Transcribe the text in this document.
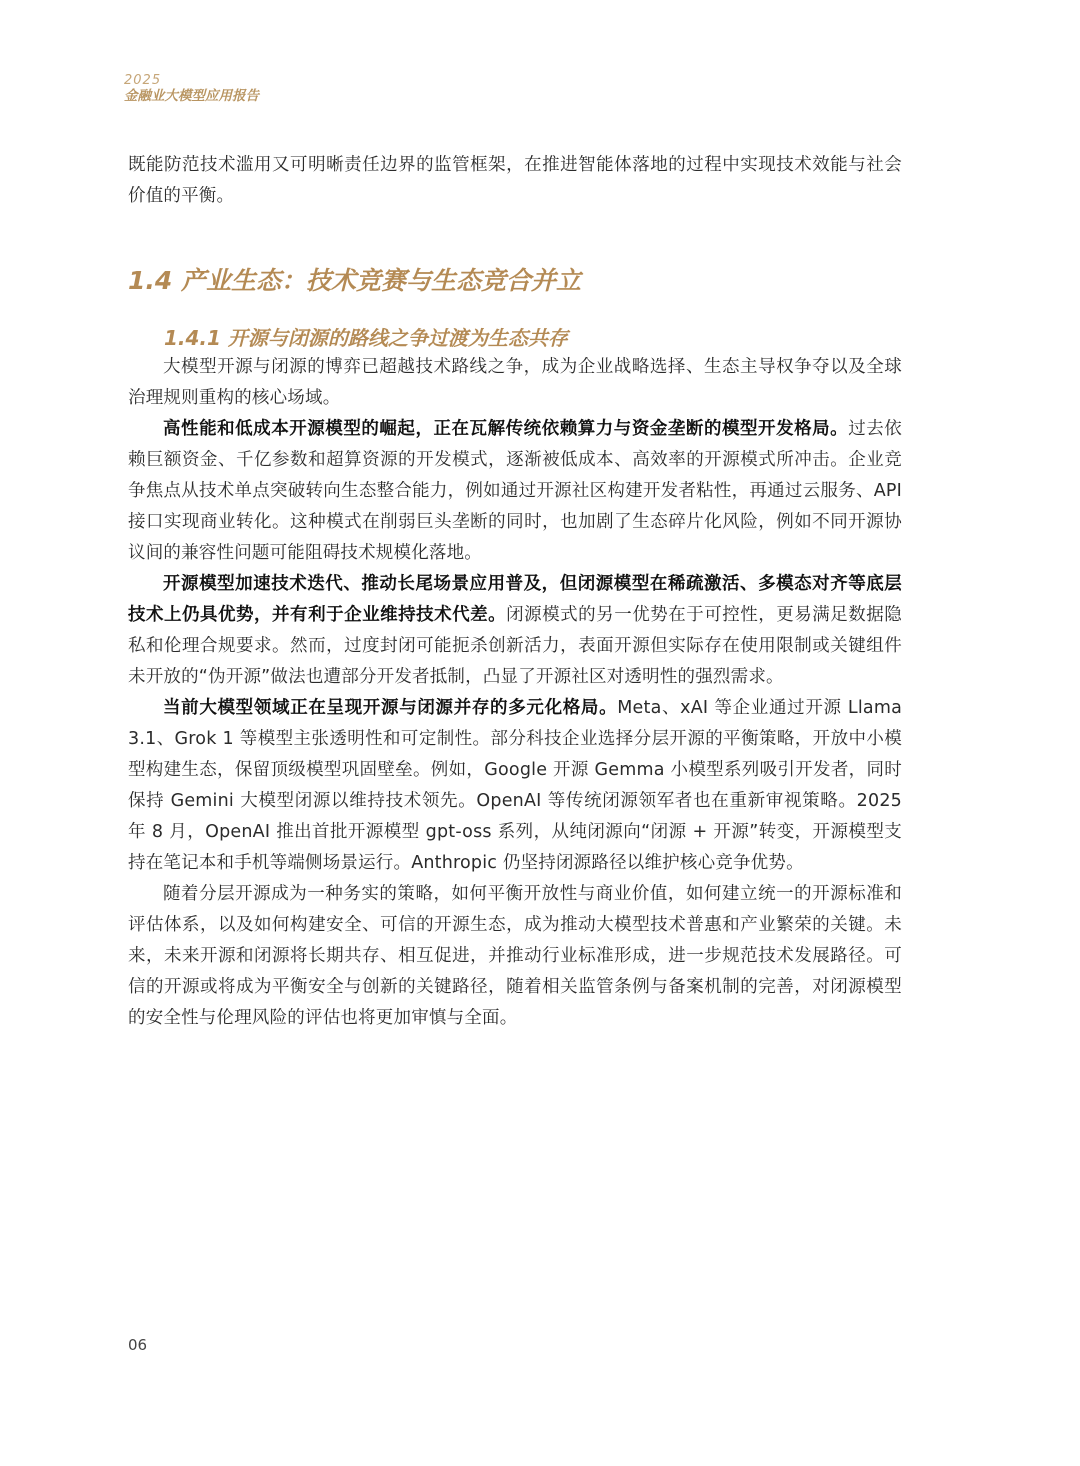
2025
金融业大模型应用报告

既能防范技术滥用又可明晰责任边界的监管框架，在推进智能体落地的过程中实现技术效能与社会价值的平衡。

1.4 产业生态：技术竞赛与生态竞合并立
1.4.1 开源与闭源的路线之争过渡为生态共存

大模型开源与闭源的博弈已超越技术路线之争，成为企业战略选择、生态主导权争夺以及全球治理规则重构的核心场域。

高性能和低成本开源模型的崛起，正在瓦解传统依赖算力与资金垄断的模型开发格局。过去依赖巨额资金、千亿参数和超算资源的开发模式，逐渐被低成本、高效率的开源模式所冲击。企业竞争焦点从技术单点突破转向生态整合能力，例如通过开源社区构建开发者粘性，再通过云服务、API 接口实现商业转化。这种模式在削弱巨头垄断的同时，也加剧了生态碎片化风险，例如不同开源协议间的兼容性问题可能阻碍技术规模化落地。

开源模型加速技术迭代、推动长尾场景应用普及，但闭源模型在稀疏激活、多模态对齐等底层技术上仍具优势，并有利于企业维持技术代差。闭源模式的另一优势在于可控性，更易满足数据隐私和伦理合规要求。然而，过度封闭可能扼杀创新活力，表面开源但实际存在使用限制或关键组件未开放的“伪开源”做法也遭部分开发者抵制，凸显了开源社区对透明性的强烈需求。

当前大模型领域正在呈现开源与闭源并存的多元化格局。Meta、xAI 等企业通过开源 Llama 3.1、Grok 1 等模型主张透明性和可定制性。部分科技企业选择分层开源的平衡策略，开放中小模型构建生态，保留顶级模型巩固壁垒。例如，Google 开源 Gemma 小模型系列吸引开发者，同时保持 Gemini 大模型闭源以维持技术领先。OpenAI 等传统闭源领军者也在重新审视策略。2025 年 8 月，OpenAI 推出首批开源模型 gpt-oss 系列，从纯闭源向“闭源 + 开源”转变，开源模型支持在笔记本和手机等端侧场景运行。Anthropic 仍坚持闭源路径以维护核心竞争优势。

随着分层开源成为一种务实的策略，如何平衡开放性与商业价值，如何建立统一的开源标准和评估体系，以及如何构建安全、可信的开源生态，成为推动大模型技术普惠和产业繁荣的关键。未来，未来开源和闭源将长期共存、相互促进，并推动行业标准形成，进一步规范技术发展路径。可信的开源或将成为平衡安全与创新的关键路径，随着相关监管条例与备案机制的完善，对闭源模型的安全性与伦理风险的评估也将更加审慎与全面。

06
